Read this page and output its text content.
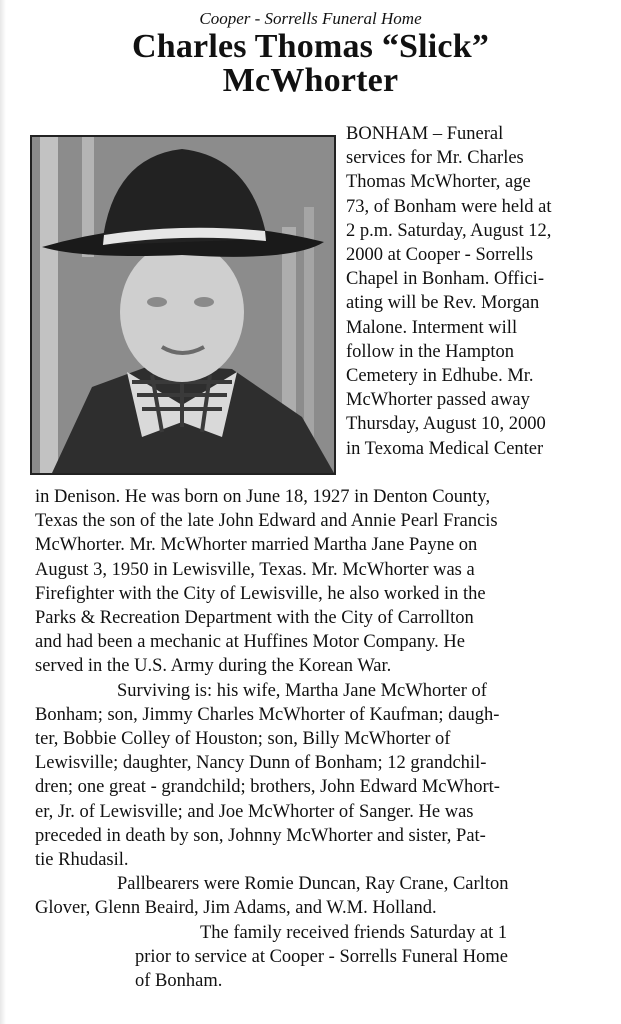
Cooper - Sorrells Funeral Home
Charles Thomas “Slick”
McWhorter
BONHAM – Funeral
services for Mr. Charles
Thomas McWhorter, age
73, of Bonham were held at
2 p.m. Saturday, August 12,
2000 at Cooper - Sorrells
Chapel in Bonham. Offici-
ating will be Rev. Morgan
Malone. Interment will
follow in the Hampton
Cemetery in Edhube. Mr.
McWhorter passed away
Thursday, August 10, 2000
in Texoma Medical Center
in Denison. He was born on June 18, 1927 in Denton County,
Texas the son of the late John Edward and Annie Pearl Francis
McWhorter. Mr. McWhorter married Martha Jane Payne on
August 3, 1950 in Lewisville, Texas. Mr. McWhorter was a
Firefighter with the City of Lewisville, he also worked in the
Parks & Recreation Department with the City of Carrollton
and had been a mechanic at Huffines Motor Company. He
served in the U.S. Army during the Korean War.
Surviving is: his wife, Martha Jane McWhorter of
Bonham; son, Jimmy Charles McWhorter of Kaufman; daugh-
ter, Bobbie Colley of Houston; son, Billy McWhorter of
Lewisville; daughter, Nancy Dunn of Bonham; 12 grandchil-
dren; one great - grandchild; brothers, John Edward McWhort-
er, Jr. of Lewisville; and Joe McWhorter of Sanger. He was
preceded in death by son, Johnny McWhorter and sister, Pat-
tie Rhudasil.
Pallbearers were Romie Duncan, Ray Crane, Carlton
Glover, Glenn Beaird, Jim Adams, and W.M. Holland.
The family received friends Saturday at 1
prior to service at Cooper - Sorrells Funeral Home
of Bonham.
